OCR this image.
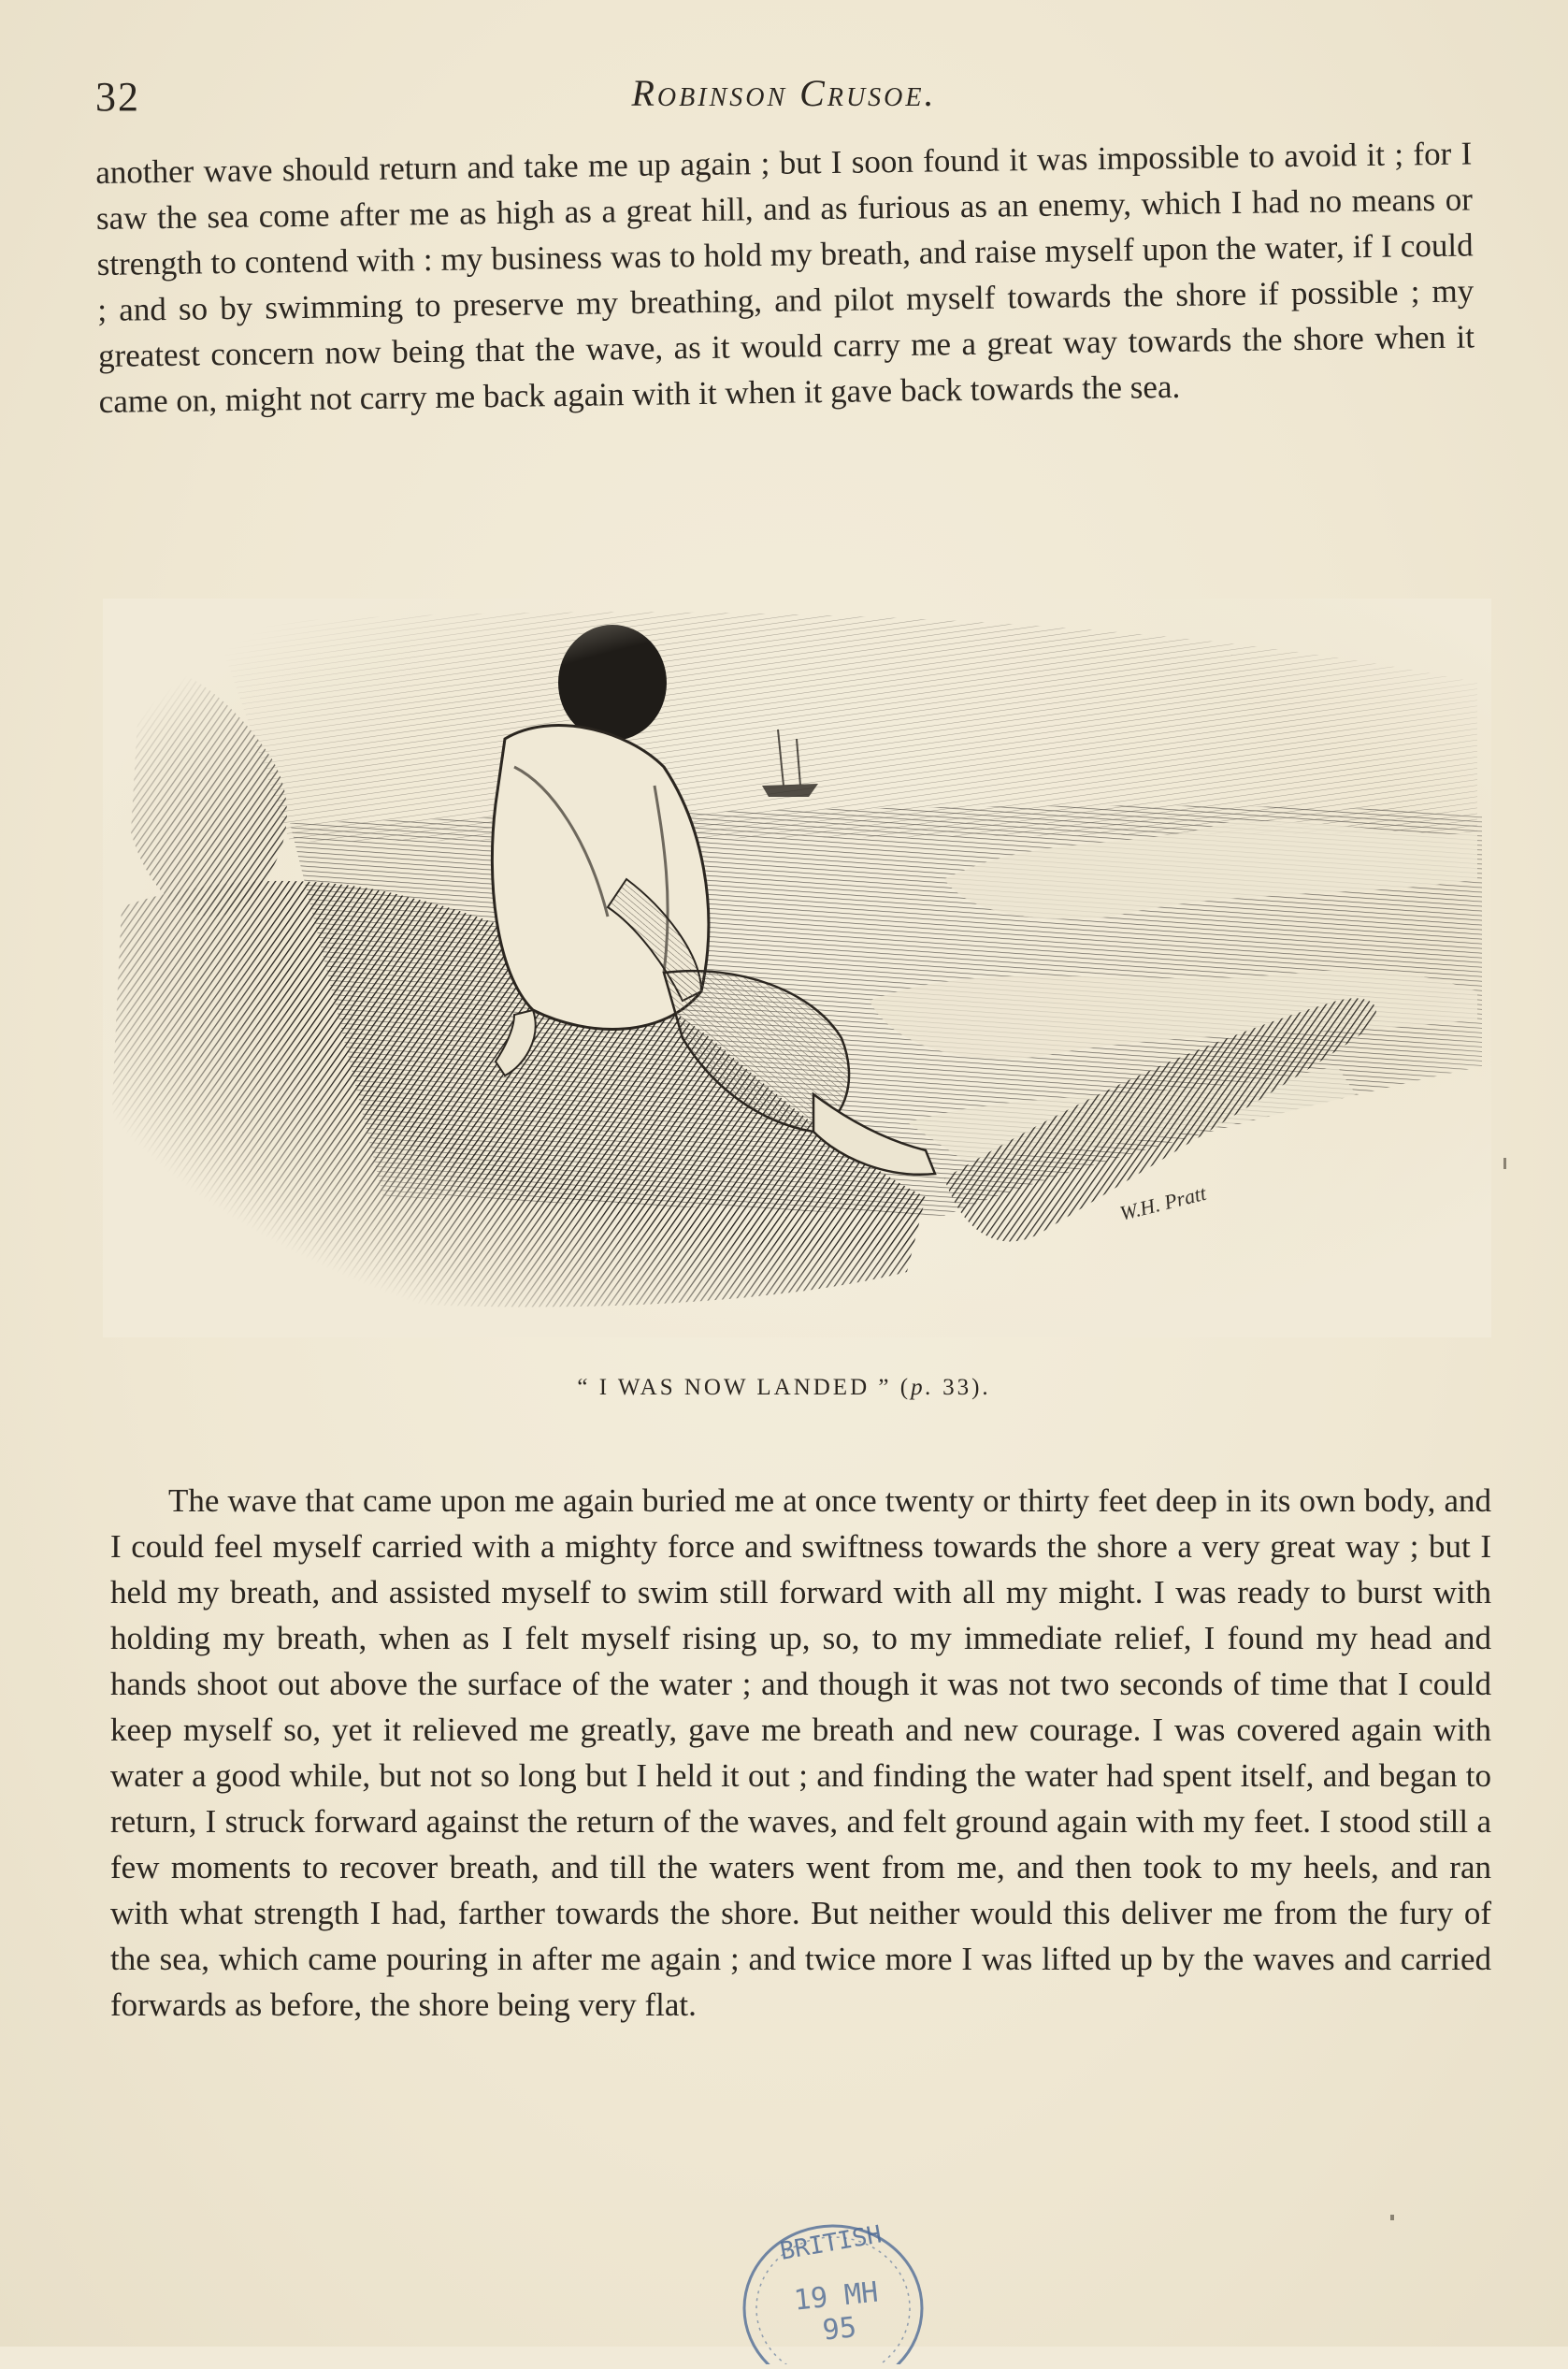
32	Robinson Crusoe.

another wave should return and take me up again ; but I soon found it was impossible to avoid it ; for I saw the sea come after me as high as a great hill, and as furious as an enemy, which I had no means or strength to contend with : my business was to hold my breath, and raise myself upon the water, if I could ; and so by swimming to preserve my breathing, and pilot myself towards the shore if possible ; my greatest concern now being that the wave, as it would carry me a great way towards the shore when it came on, might not carry me back again with it when it gave back towards the sea.

“ I WAS NOW LANDED ” (p. 33).

The wave that came upon me again buried me at once twenty or thirty feet deep in its own body, and I could feel myself carried with a mighty force and swiftness towards the shore a very great way ; but I held my breath, and assisted myself to swim still forward with all my might. I was ready to burst with holding my breath, when as I felt myself rising up, so, to my immediate relief, I found my head and hands shoot out above the surface of the water ; and though it was not two seconds of time that I could keep myself so, yet it relieved me greatly, gave me breath and new courage. I was covered again with water a good while, but not so long but I held it out ; and finding the water had spent itself, and began to return, I struck forward against the return of the waves, and felt ground again with my feet. I stood still a few moments to recover breath, and till the waters went from me, and then took to my heels, and ran with what strength I had, farther towards the shore. But neither would this deliver me from the fury of the sea, which came pouring in after me again ; and twice more I was lifted up by the waves and carried forwards as before, the shore being very flat.

BRITISH
19 MH 95
